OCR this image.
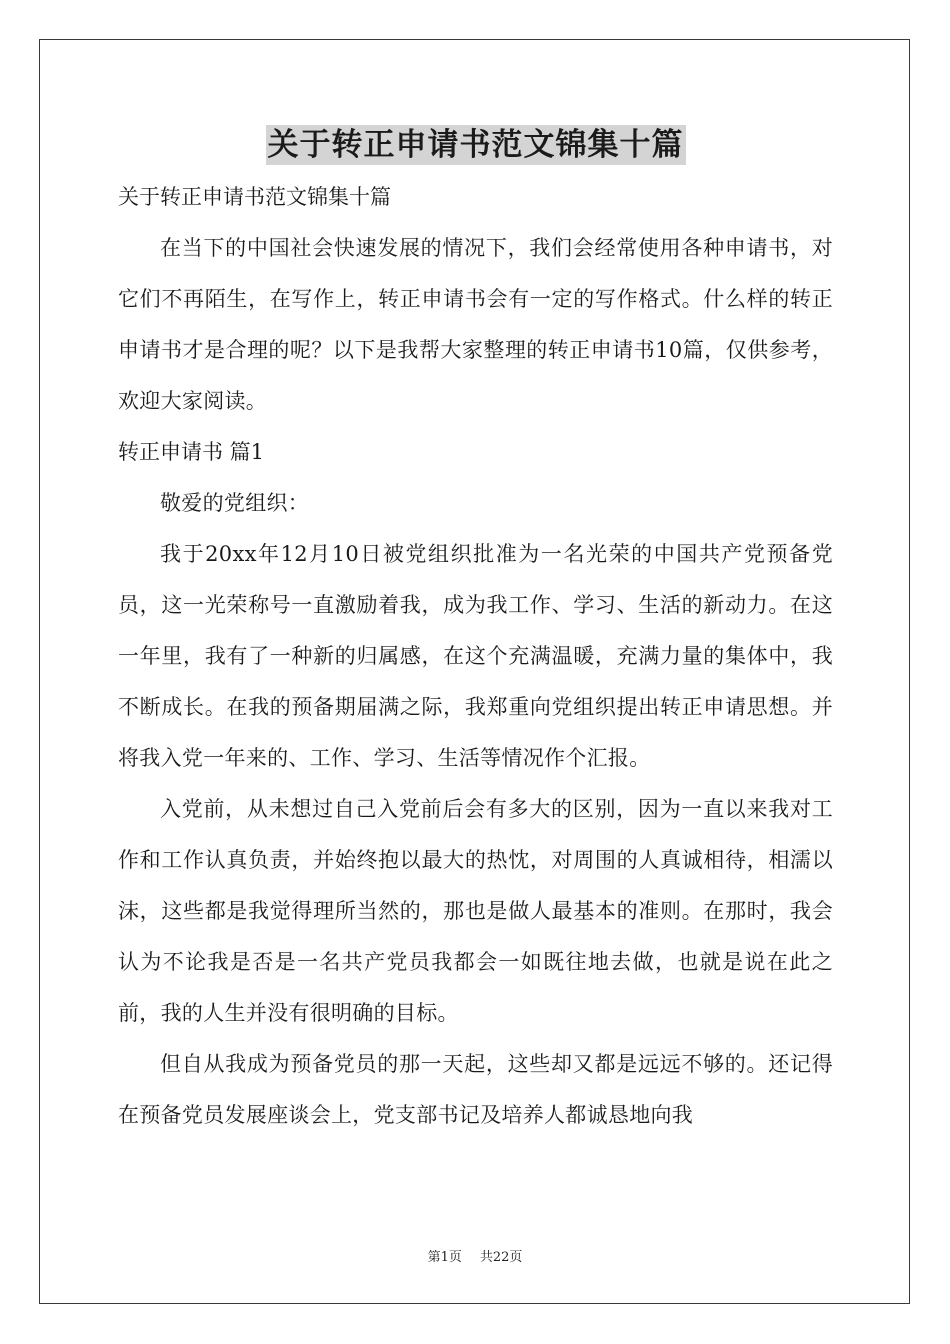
关于转正申请书范文锦集十篇

关于转正申请书范文锦集十篇

在当下的中国社会快速发展的情况下，我们会经常使用各种申请书，对它们不再陌生，在写作上，转正申请书会有一定的写作格式。什么样的转正申请书才是合理的呢？以下是我帮大家整理的转正申请书10篇，仅供参考，欢迎大家阅读。

转正申请书 篇1

敬爱的党组织：

我于20xx年12月10日被党组织批准为一名光荣的中国共产党预备党员，这一光荣称号一直激励着我，成为我工作、学习、生活的新动力。在这一年里，我有了一种新的归属感，在这个充满温暖，充满力量的集体中，我不断成长。在我的预备期届满之际，我郑重向党组织提出转正申请思想。并将我入党一年来的、工作、学习、生活等情况作个汇报。

入党前，从未想过自己入党前后会有多大的区别，因为一直以来我对工作和工作认真负责，并始终抱以最大的热忱，对周围的人真诚相待，相濡以沫，这些都是我觉得理所当然的，那也是做人最基本的准则。在那时，我会认为不论我是否是一名共产党员我都会一如既往地去做，也就是说在此之前，我的人生并没有很明确的目标。

但自从我成为预备党员的那一天起，这些却又都是远远不够的。还记得在预备党员发展座谈会上，党支部书记及培养人都诚恳地向我

第1页 共22页
